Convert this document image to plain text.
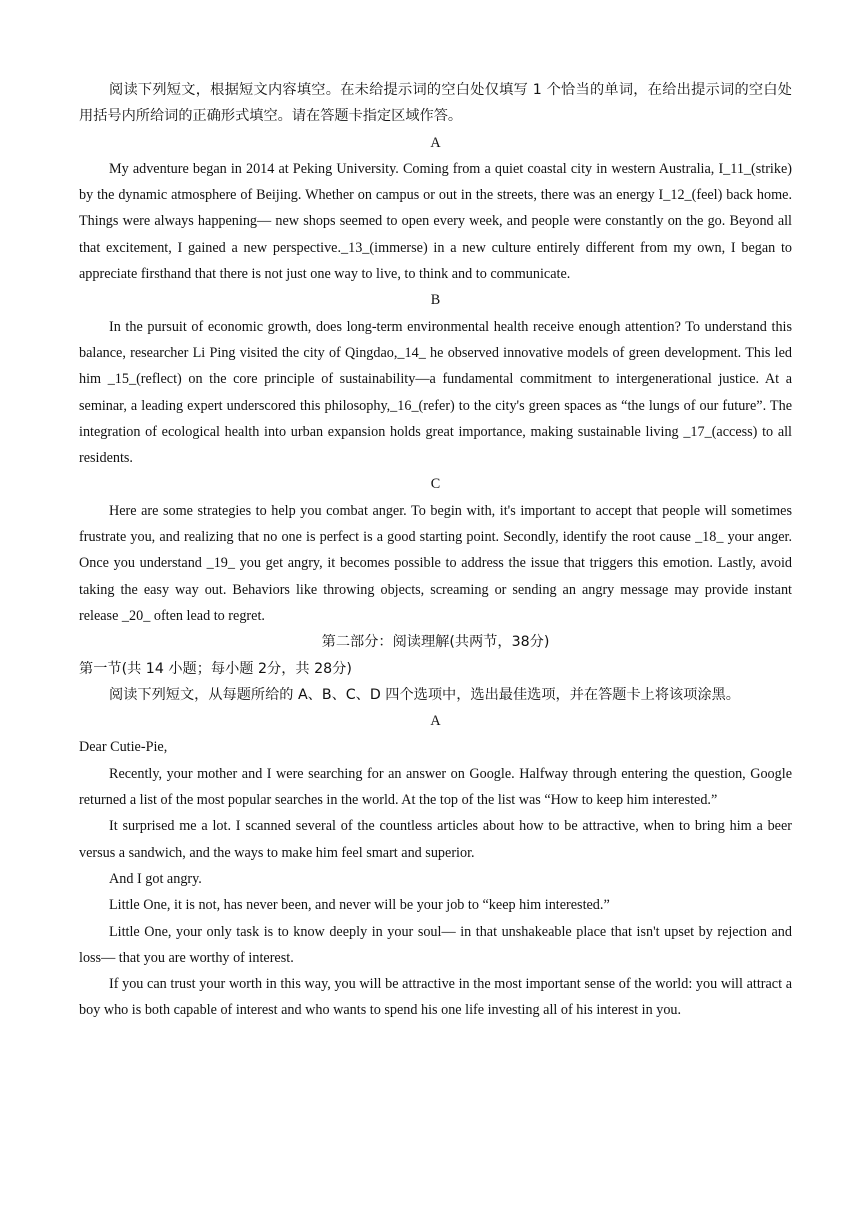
阅读下列短文，根据短文内容填空。在未给提示词的空白处仅填写 1 个恰当的单词，在给出提示词的空白处用括号内所给词的正确形式填空。请在答题卡指定区域作答。

A

My adventure began in 2014 at Peking University. Coming from a quiet coastal city in western Australia, I_11_(strike) by the dynamic atmosphere of Beijing. Whether on campus or out in the streets, there was an energy I_12_(feel) back home. Things were always happening— new shops seemed to open every week, and people were constantly on the go. Beyond all that excitement, I gained a new perspective._13_(immerse) in a new culture entirely different from my own, I began to appreciate firsthand that there is not just one way to live, to think and to communicate.

B

In the pursuit of economic growth, does long-term environmental health receive enough attention? To understand this balance, researcher Li Ping visited the city of Qingdao,_14_ he observed innovative models of green development. This led him _15_(reflect) on the core principle of sustainability—a fundamental commitment to intergenerational justice. At a seminar, a leading expert underscored this philosophy,_16_(refer) to the city's green spaces as “the lungs of our future”. The integration of ecological health into urban expansion holds great importance, making sustainable living _17_(access) to all residents.

C

Here are some strategies to help you combat anger. To begin with, it's important to accept that people will sometimes frustrate you, and realizing that no one is perfect is a good starting point. Secondly, identify the root cause _18_ your anger. Once you understand _19_ you get angry, it becomes possible to address the issue that triggers this emotion. Lastly, avoid taking the easy way out. Behaviors like throwing objects, screaming or sending an angry message may provide instant release _20_ often lead to regret.

第二部分：阅读理解(共两节，38分)

第一节(共 14 小题；每小题 2分，共 28分)

阅读下列短文，从每题所给的 A、B、C、D 四个选项中，选出最佳选项，并在答题卡上将该项涂黑。

A

Dear Cutie-Pie,

Recently, your mother and I were searching for an answer on Google. Halfway through entering the question, Google returned a list of the most popular searches in the world. At the top of the list was “How to keep him interested.”

It surprised me a lot. I scanned several of the countless articles about how to be attractive, when to bring him a beer versus a sandwich, and the ways to make him feel smart and superior.

And I got angry.

Little One, it is not, has never been, and never will be your job to “keep him interested.”

Little One, your only task is to know deeply in your soul— in that unshakeable place that isn't upset by rejection and loss— that you are worthy of interest.

If you can trust your worth in this way, you will be attractive in the most important sense of the world: you will attract a boy who is both capable of interest and who wants to spend his one life investing all of his interest in you.
